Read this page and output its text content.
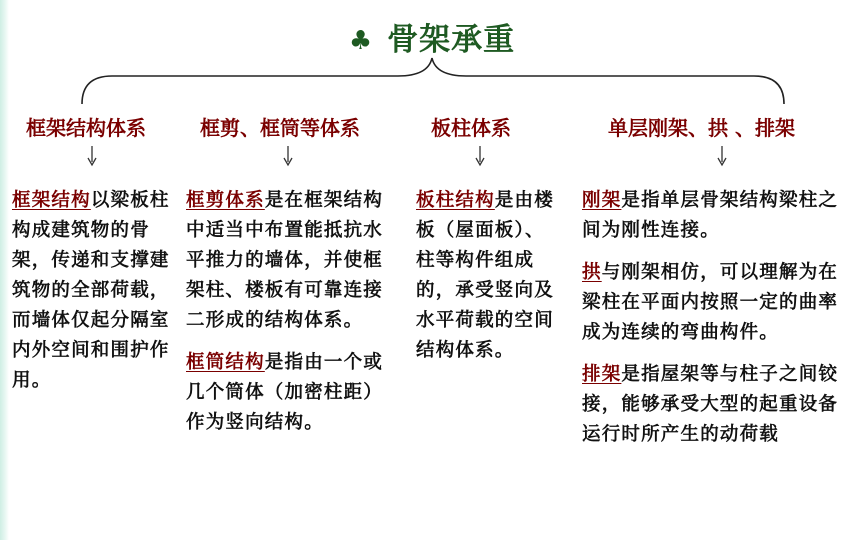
♣ 骨架承重
框架结构体系	框剪、框筒等体系	板柱体系	单层刚架、拱 、排架

框架结构以梁板柱构成建筑物的骨架，传递和支撑建筑物的全部荷载，而墙体仅起分隔室内外空间和围护作用。

框剪体系是在框架结构中适当中布置能抵抗水平推力的墙体，并使框架柱、楼板有可靠连接二形成的结构体系。

框筒结构是指由一个或几个筒体（加密柱距）作为竖向结构。

板柱结构是由楼板（屋面板）、柱等构件组成的，承受竖向及水平荷载的空间结构体系。

刚架是指单层骨架结构梁柱之间为刚性连接。

拱与刚架相仿，可以理解为在梁柱在平面内按照一定的曲率成为连续的弯曲构件。

排架是指屋架等与柱子之间铰接，能够承受大型的起重设备运行时所产生的动荷载
